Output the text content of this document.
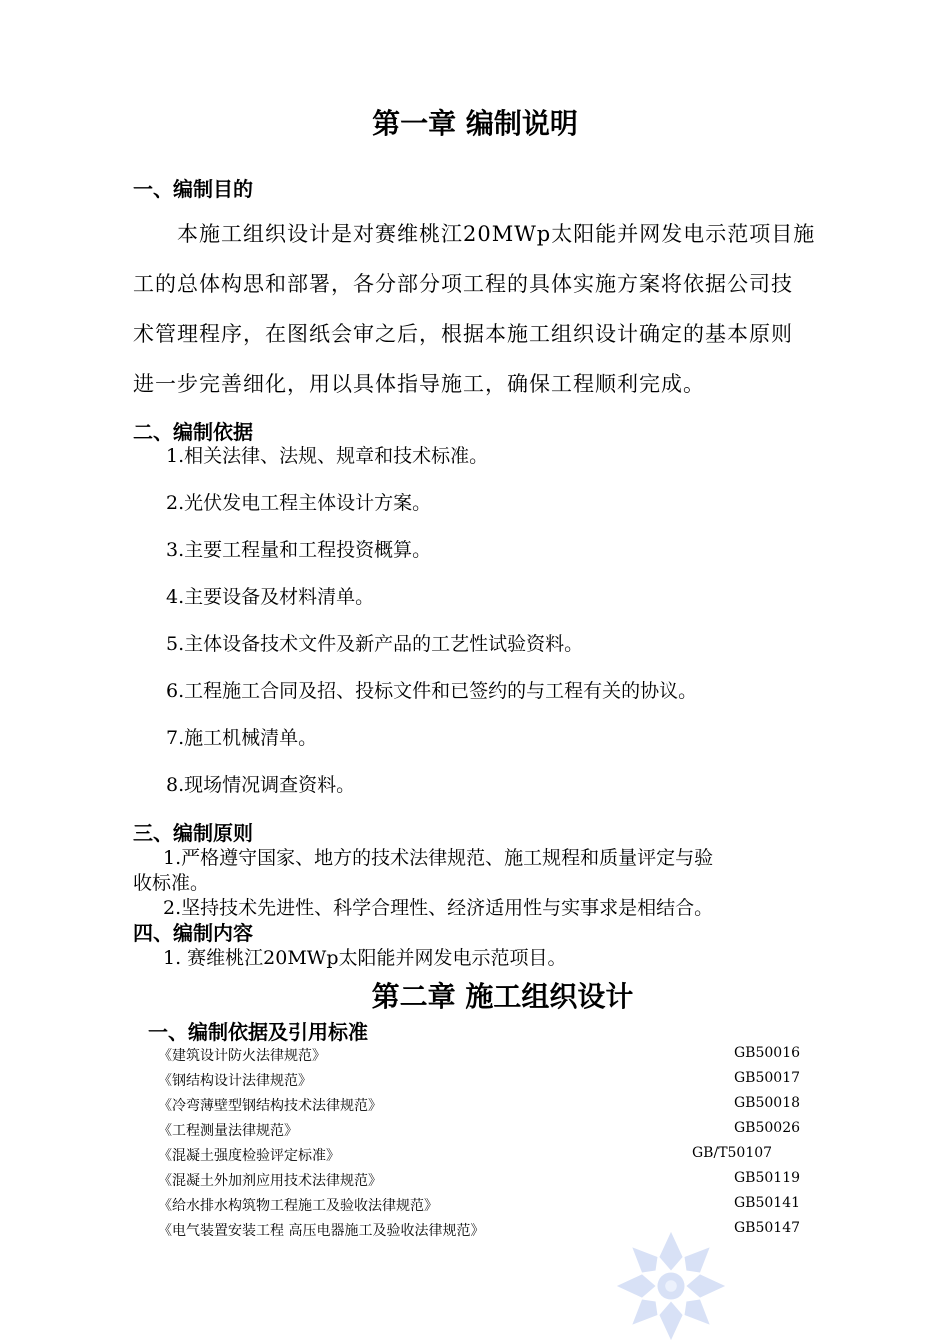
第一章 编制说明
一、编制目的
本施工组织设计是对赛维桃江20MWp太阳能并网发电示范项目施
工的总体构思和部署，各分部分项工程的具体实施方案将依据公司技
术管理程序，在图纸会审之后，根据本施工组织设计确定的基本原则
进一步完善细化，用以具体指导施工，确保工程顺利完成。
二、编制依据
1.相关法律、法规、规章和技术标准。
2.光伏发电工程主体设计方案。
3.主要工程量和工程投资概算。
4.主要设备及材料清单。
5.主体设备技术文件及新产品的工艺性试验资料。
6.工程施工合同及招、投标文件和已签约的与工程有关的协议。
7.施工机械清单。
8.现场情况调查资料。
三、编制原则
1.严格遵守国家、地方的技术法律规范、施工规程和质量评定与验
收标准。
2.坚持技术先进性、科学合理性、经济适用性与实事求是相结合。
四、编制内容
1. 赛维桃江20MWp太阳能并网发电示范项目。
第二章 施工组织设计
一、编制依据及引用标准
《建筑设计防火法律规范》	GB50016
《钢结构设计法律规范》	GB50017
《冷弯薄壁型钢结构技术法律规范》	GB50018
《工程测量法律规范》	GB50026
《混凝土强度检验评定标准》	GB/T50107
《混凝土外加剂应用技术法律规范》	GB50119
《给水排水构筑物工程施工及验收法律规范》	GB50141
《电气装置安装工程 高压电器施工及验收法律规范》	GB50147
